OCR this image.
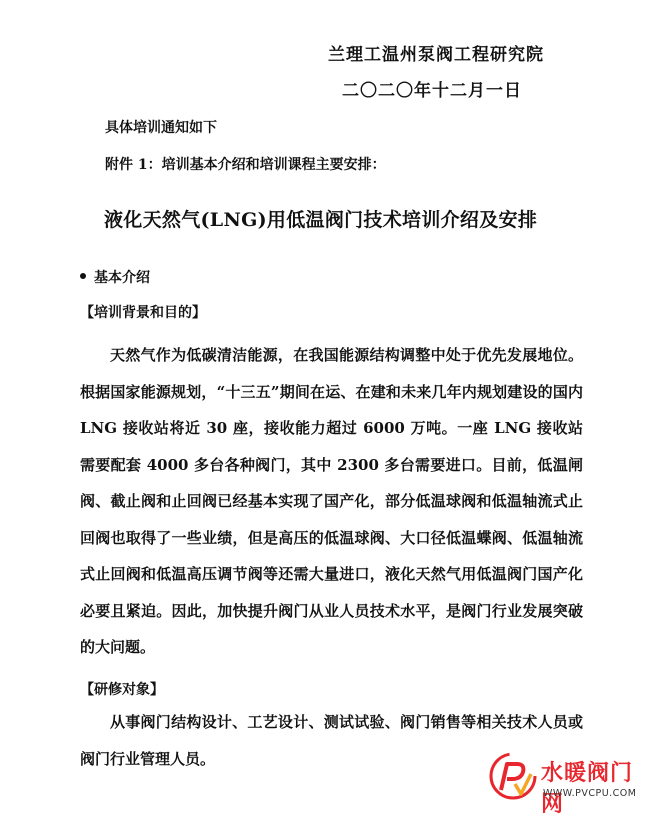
兰理工温州泵阀工程研究院
二〇二〇年十二月一日
具体培训通知如下
附件 1：培训基本介绍和培训课程主要安排：
液化天然气(LNG)用低温阀门技术培训介绍及安排
基本介绍
【培训背景和目的】
天然气作为低碳清洁能源，在我国能源结构调整中处于优先发展地位。根据国家能源规划，“十三五”期间在运、在建和未来几年内规划建设的国内 LNG 接收站将近 30 座，接收能力超过 6000 万吨。一座 LNG 接收站需要配套 4000 多台各种阀门，其中 2300 多台需要进口。目前，低温闸阀、截止阀和止回阀已经基本实现了国产化，部分低温球阀和低温轴流式止回阀也取得了一些业绩，但是高压的低温球阀、大口径低温蝶阀、低温轴流式止回阀和低温高压调节阀等还需大量进口，液化天然气用低温阀门国产化必要且紧迫。因此，加快提升阀门从业人员技术水平，是阀门行业发展突破的大问题。
【研修对象】
从事阀门结构设计、工艺设计、测试试验、阀门销售等相关技术人员或阀门行业管理人员。
水暖阀门网
WWW.PVCPU.COM
